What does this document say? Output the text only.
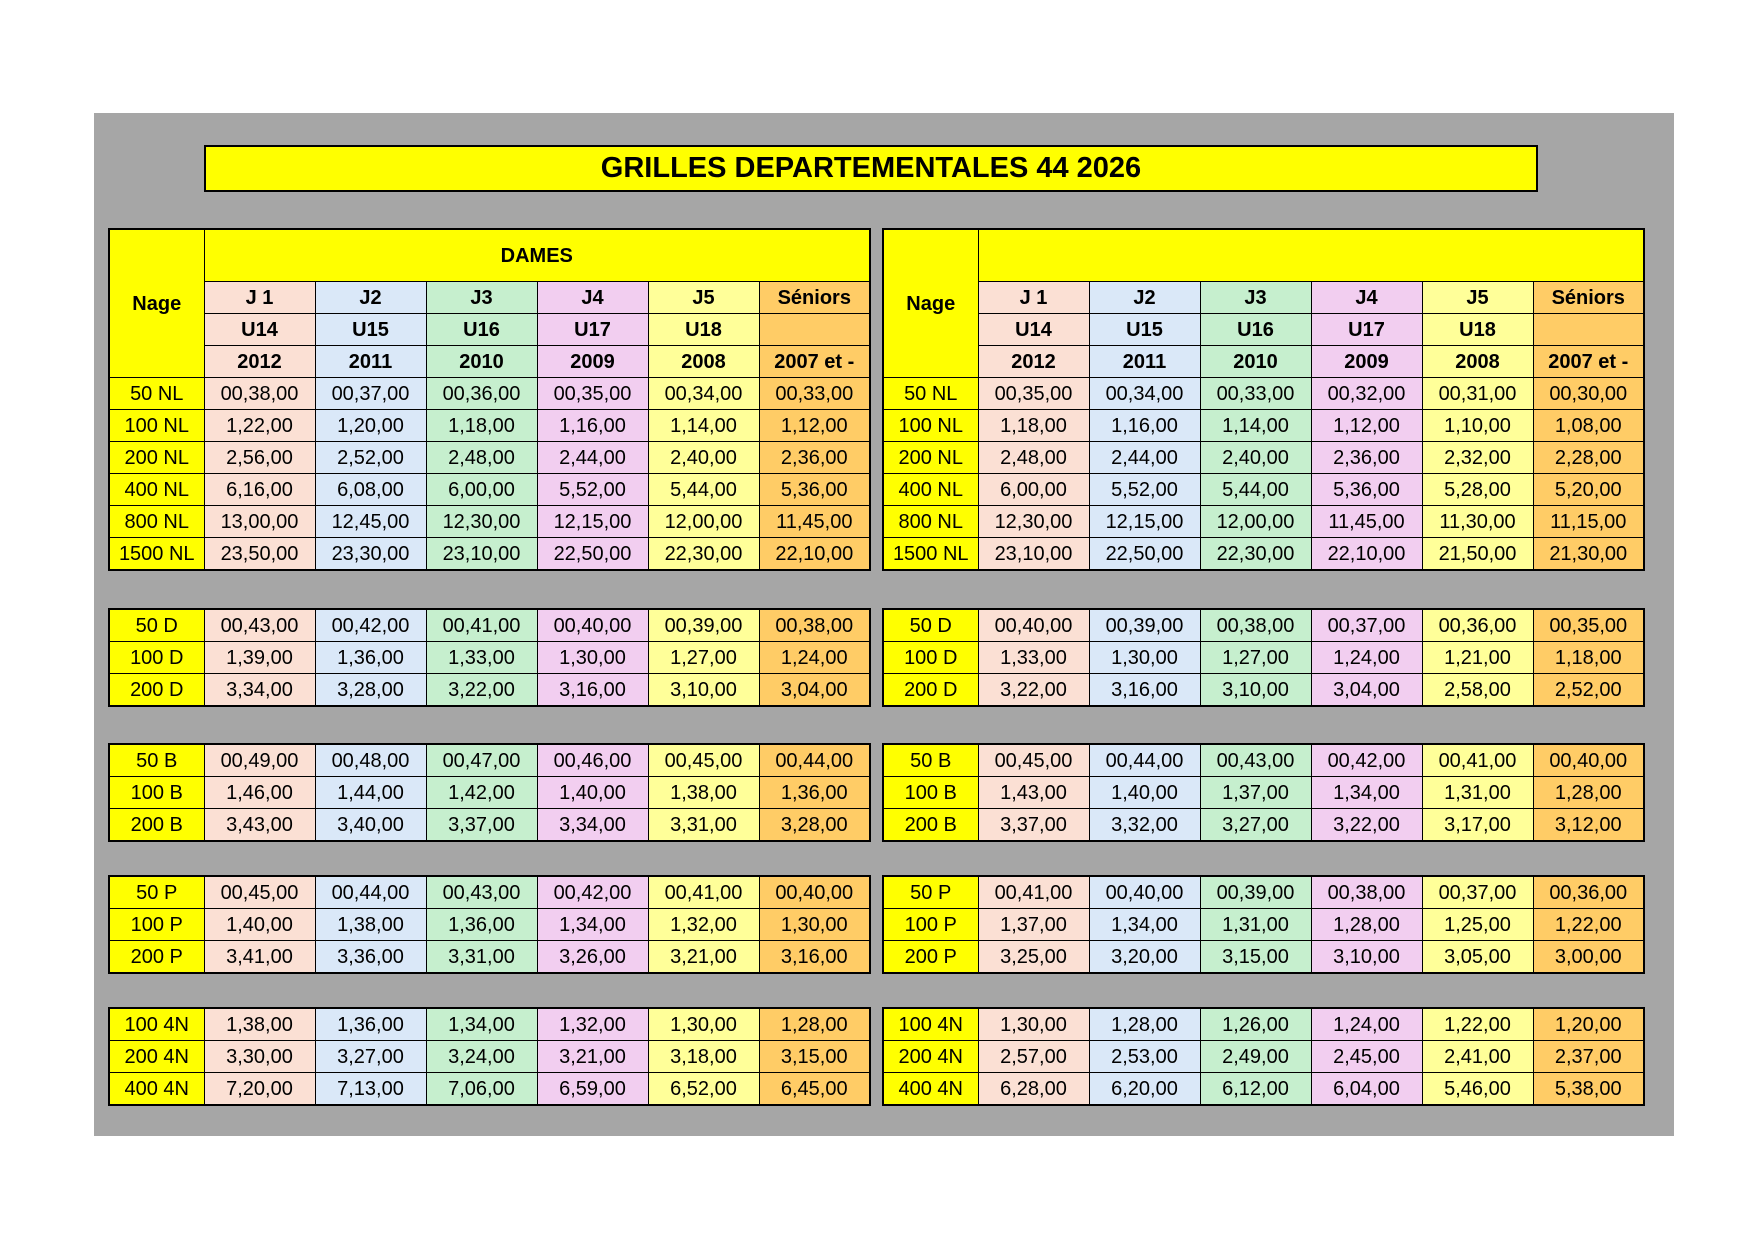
GRILLES DEPARTEMENTALES 44 2026
Nage	DAMES					
	J 1	J2	J3	J4	J5	Séniors
	U14	U15	U16	U17	U18	
	2012	2011	2010	2009	2008	2007 et -
50 NL	00,38,00	00,37,00	00,36,00	00,35,00	00,34,00	00,33,00
100 NL	1,22,00	1,20,00	1,18,00	1,16,00	1,14,00	1,12,00
200 NL	2,56,00	2,52,00	2,48,00	2,44,00	2,40,00	2,36,00
400 NL	6,16,00	6,08,00	6,00,00	5,52,00	5,44,00	5,36,00
800 NL	13,00,00	12,45,00	12,30,00	12,15,00	12,00,00	11,45,00
1500 NL	23,50,00	23,30,00	23,10,00	22,50,00	22,30,00	22,10,00
50 D	00,43,00	00,42,00	00,41,00	00,40,00	00,39,00	00,38,00
100 D	1,39,00	1,36,00	1,33,00	1,30,00	1,27,00	1,24,00
200 D	3,34,00	3,28,00	3,22,00	3,16,00	3,10,00	3,04,00
50 B	00,49,00	00,48,00	00,47,00	00,46,00	00,45,00	00,44,00
100 B	1,46,00	1,44,00	1,42,00	1,40,00	1,38,00	1,36,00
200 B	3,43,00	3,40,00	3,37,00	3,34,00	3,31,00	3,28,00
50 P	00,45,00	00,44,00	00,43,00	00,42,00	00,41,00	00,40,00
100 P	1,40,00	1,38,00	1,36,00	1,34,00	1,32,00	1,30,00
200 P	3,41,00	3,36,00	3,31,00	3,26,00	3,21,00	3,16,00
100 4N	1,38,00	1,36,00	1,34,00	1,32,00	1,30,00	1,28,00
200 4N	3,30,00	3,27,00	3,24,00	3,21,00	3,18,00	3,15,00
400 4N	7,20,00	7,13,00	7,06,00	6,59,00	6,52,00	6,45,00
Nage						
	J 1	J2	J3	J4	J5	Séniors
	U14	U15	U16	U17	U18	
	2012	2011	2010	2009	2008	2007 et -
50 NL	00,35,00	00,34,00	00,33,00	00,32,00	00,31,00	00,30,00
100 NL	1,18,00	1,16,00	1,14,00	1,12,00	1,10,00	1,08,00
200 NL	2,48,00	2,44,00	2,40,00	2,36,00	2,32,00	2,28,00
400 NL	6,00,00	5,52,00	5,44,00	5,36,00	5,28,00	5,20,00
800 NL	12,30,00	12,15,00	12,00,00	11,45,00	11,30,00	11,15,00
1500 NL	23,10,00	22,50,00	22,30,00	22,10,00	21,50,00	21,30,00
50 D	00,40,00	00,39,00	00,38,00	00,37,00	00,36,00	00,35,00
100 D	1,33,00	1,30,00	1,27,00	1,24,00	1,21,00	1,18,00
200 D	3,22,00	3,16,00	3,10,00	3,04,00	2,58,00	2,52,00
50 B	00,45,00	00,44,00	00,43,00	00,42,00	00,41,00	00,40,00
100 B	1,43,00	1,40,00	1,37,00	1,34,00	1,31,00	1,28,00
200 B	3,37,00	3,32,00	3,27,00	3,22,00	3,17,00	3,12,00
50 P	00,41,00	00,40,00	00,39,00	00,38,00	00,37,00	00,36,00
100 P	1,37,00	1,34,00	1,31,00	1,28,00	1,25,00	1,22,00
200 P	3,25,00	3,20,00	3,15,00	3,10,00	3,05,00	3,00,00
100 4N	1,30,00	1,28,00	1,26,00	1,24,00	1,22,00	1,20,00
200 4N	2,57,00	2,53,00	2,49,00	2,45,00	2,41,00	2,37,00
400 4N	6,28,00	6,20,00	6,12,00	6,04,00	5,46,00	5,38,00
